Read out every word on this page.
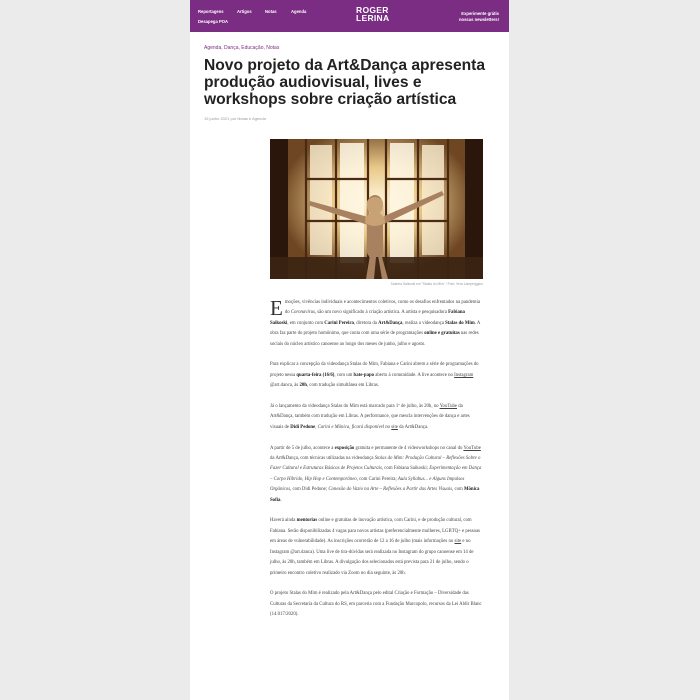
Reportagens	Artigos	Notas	Agenda
Desapega POA
ROGER
LERINA	Experimente grátis
nossas newsletters!
Agenda, Dança, Educação, Notas
Novo projeto da Art&Dança apresenta produção audiovisual, lives e workshops sobre criação artística
15 junho 2021 por Notas e Agenda
Sabrina Saikoski em "Stalas do Mim" / Foto: Vera Lamperggino

Emoções, vivências individuais e acontecimentos coletivos, como os desafios enfrentados na pandemia do Coronavírus, são um novo significado à criação artística. A artista e pesquisadora Fabiana Saikoski, em conjunto com Carini Pereira, diretora da Art&Dança, realiza a videodança Stalas do Mim. A obra faz parte do projeto homônimo, que conta com uma série de programações online e gratuitas nas redes sociais do núcleo artístico canoense ao longo dos meses de junho, julho e agosto.

Para explicar a concepção da videodança Stalas do Mim, Fabiana e Carini abrem a série de programações do projeto nessa quarta-feira (16/6), com um bate-papo aberto à comunidade. A live acontece no Instagram @art.danca, às 20h, com tradução simultânea em Libras.

Já o lançamento da videodança Stalas do Mim está marcado para 1º de julho, às 20h, no YouTube da Art&Dança, também com tradução em Libras. A performance, que mescla intervenções de dança e artes visuais de Didi Pedone, Carini e Mônica, ficará disponível no site da Art&Dança.

A partir de 5 de julho, acontece a exposição gratuita e permanente de 4 videoworkshops no canal do YouTube da Art&Dança, com técnicas utilizadas na videodança Stalas do Mim: Produção Cultural – Reflexões Sobre o Fazer Cultural e Estruturas Básicas de Projetos Culturais, com Fabiana Saikoski; Experimentação em Dança – Corpo Híbrido, Hip Hop e Contemporâneo, com Carini Pereira; Aula Syllabus... e Alguns Impulsos Orgânicos, com Didi Pedone; Conexão do Vazio na Arte – Reflexões a Partir das Artes Visuais, com Mônica Sofia.

Haverá ainda mentorias online e gratuitas de inovação artística, com Carini, e de produção cultural, com Fabiana. Serão disponibilizadas 4 vagas para novos artistas (preferencialmente mulheres, LGBTQ+ e pessoas em áreas de vulnerabilidade). As inscrições ocorrerão de 12 a 16 de julho (mais informações no site e no Instagram @art.danca). Uma live de tira-dúvidas será realizada no Instagram do grupo canoense em 14 de julho, às 20h, também em Libras. A divulgação dos selecionados está prevista para 21 de julho, sendo o primeiro encontro coletivo realizado via Zoom no dia seguinte, às 20h.

O projeto Stalas do Mim é realizado pela Art&Dança pelo edital Criação e Formação – Diversidade das Culturas da Secretaria da Cultura do RS, em parceria com a Fundação Marcopolo, recursos da Lei Aldir Blanc (14.017/2020).
